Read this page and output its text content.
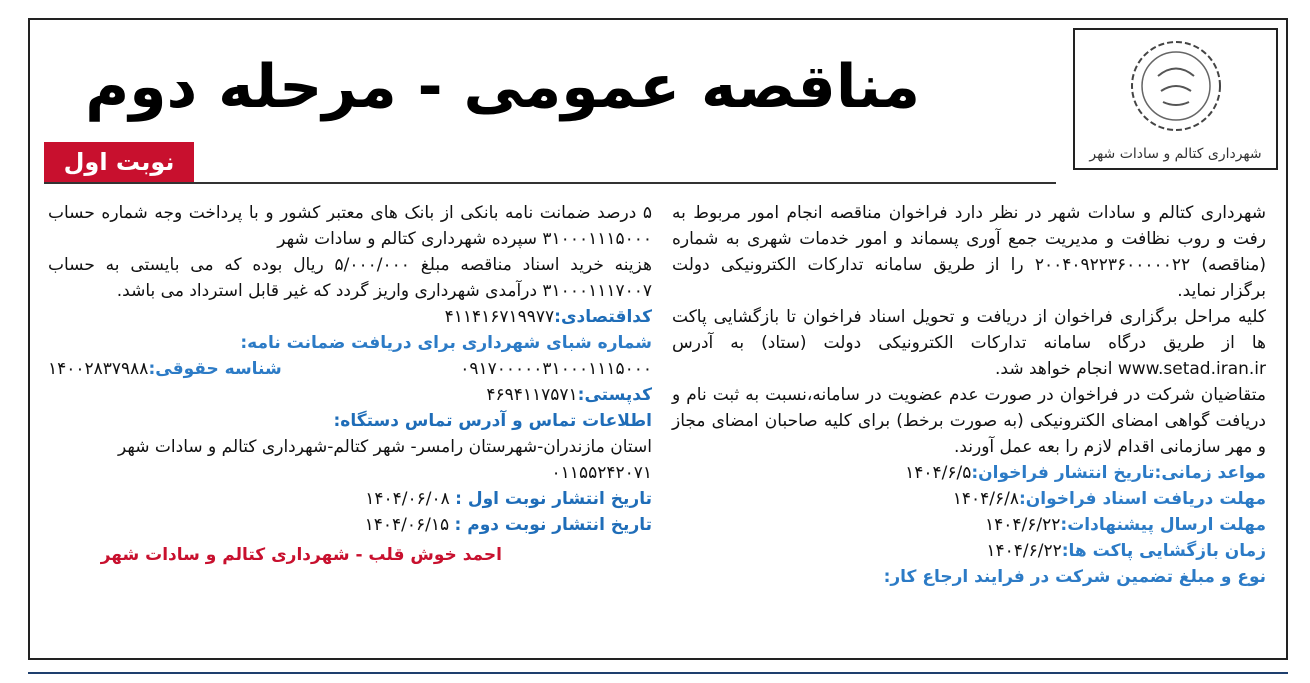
شهرداری کتالم و سادات شهر
مناقصه عمومی - مرحله دوم
نوبت اول

شهرداری کتالم و سادات شهر در نظر دارد فراخوان مناقصه انجام امور مربوط به رفت و روب نظافت و مدیریت جمع آوری پسماند و امور خدمات شهری به شماره (مناقصه) ۲۰۰۴۰۹۲۲۳۶۰۰۰۰۰۲۲ را از طریق سامانه تدارکات الکترونیکی دولت برگزار نماید.

کلیه مراحل برگزاری فراخوان از دریافت و تحویل اسناد فراخوان تا بازگشایی پاکت ها از طریق درگاه سامانه تدارکات الکترونیکی دولت (ستاد) به آدرس www.setad.iran.ir انجام خواهد شد.

متقاضیان شرکت در فراخوان در صورت عدم عضویت در سامانه،نسبت به ثبت نام و دریافت گواهی امضای الکترونیکی (به صورت برخط) برای کلیه صاحبان امضای مجاز و مهر سازمانی اقدام لازم را بعه عمل آورند.

مواعد زمانی:تاریخ انتشار فراخوان:۱۴۰۴/۶/۵
مهلت دریافت اسناد فراخوان:۱۴۰۴/۶/۸
مهلت ارسال پیشنهادات:۱۴۰۴/۶/۲۲
زمان بازگشایی پاکت ها:۱۴۰۴/۶/۲۲
نوع و مبلغ تضمین شرکت در فرایند ارجاع کار:

۵ درصد ضمانت نامه بانکی از بانک های معتبر کشور و با پرداخت وجه شماره حساب ۳۱۰۰۰۱۱۱۵۰۰۰ سپرده شهرداری کتالم و سادات شهر

هزینه خرید اسناد مناقصه مبلغ ۵/۰۰۰/۰۰۰ ریال بوده که می بایستی به حساب ۳۱۰۰۰۱۱۱۷۰۰۷ درآمدی شهرداری واریز گردد که غیر قابل استرداد می باشد.

کداقتصادی:۴۱۱۴۱۶۷۱۹۹۷۷
شماره شبای شهرداری برای دریافت ضمانت نامه:
۰۹۱۷۰۰۰۰۰۳۱۰۰۰۱۱۱۵۰۰۰
شناسه حقوقی:۱۴۰۰۲۸۳۷۹۸۸
کدپستی:۴۶۹۴۱۱۷۵۷۱
اطلاعات تماس و آدرس تماس دستگاه:
استان مازندران-شهرستان رامسر- شهر کتالم-شهرداری کتالم و سادات شهر
۰۱۱۵۵۲۴۲۰۷۱
تاریخ انتشار نوبت اول : ۱۴۰۴/۰۶/۰۸
تاریخ انتشار نوبت دوم : ۱۴۰۴/۰۶/۱۵
احمد خوش قلب - شهرداری کتالم و سادات شهر
